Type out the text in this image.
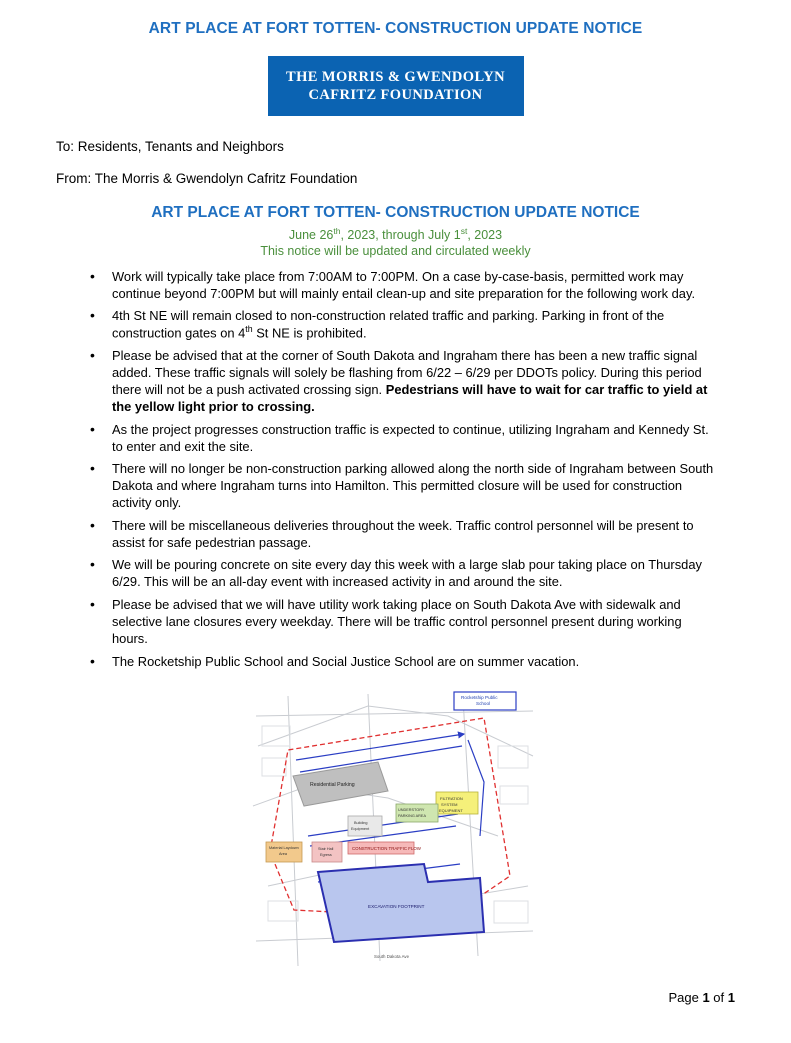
ART PLACE AT FORT TOTTEN- CONSTRUCTION UPDATE NOTICE
THE MORRIS & GWENDOLYN
CAFRITZ FOUNDATION
To: Residents, Tenants and Neighbors
From: The Morris & Gwendolyn Cafritz Foundation
ART PLACE AT FORT TOTTEN- CONSTRUCTION UPDATE NOTICE
June 26th, 2023, through July 1st, 2023
This notice will be updated and circulated weekly
• Work will typically take place from 7:00AM to 7:00PM. On a case by-case-basis, permitted work may continue beyond 7:00PM but will mainly entail clean-up and site preparation for the following work day.
• 4th St NE will remain closed to non-construction related traffic and parking. Parking in front of the construction gates on 4th St NE is prohibited.
• Please be advised that at the corner of South Dakota and Ingraham there has been a new traffic signal added. These traffic signals will solely be flashing from 6/22 – 6/29 per DDOTs policy. During this period there will not be a push activated crossing sign. Pedestrians will have to wait for car traffic to yield at the yellow light prior to crossing.
• As the project progresses construction traffic is expected to continue, utilizing Ingraham and Kennedy St. to enter and exit the site.
• There will no longer be non-construction parking allowed along the north side of Ingraham between South Dakota and where Ingraham turns into Hamilton. This permitted closure will be used for construction activity only.
• There will be miscellaneous deliveries throughout the week. Traffic control personnel will be present to assist for safe pedestrian passage.
• We will be pouring concrete on site every day this week with a large slab pour taking place on Thursday 6/29. This will be an all-day event with increased activity in and around the site.
• Please be advised that we will have utility work taking place on South Dakota Ave with sidewalk and selective lane closures every weekday. There will be traffic control personnel present during working hours.
• The Rocketship Public School and Social Justice School are on summer vacation.
Residential Parking
Rocketship Public
School
FILTRATION
SYSTEM
EQUIPMENT
UNDERSTORY
PARKING AREA
Building
Equipment
Material Laydown
Area
Stair Hall
Egress
CONSTRUCTION TRAFFIC FLOW
EXCAVATION FOOTPRINT
South Dakota Ave
Page 1 of 1
